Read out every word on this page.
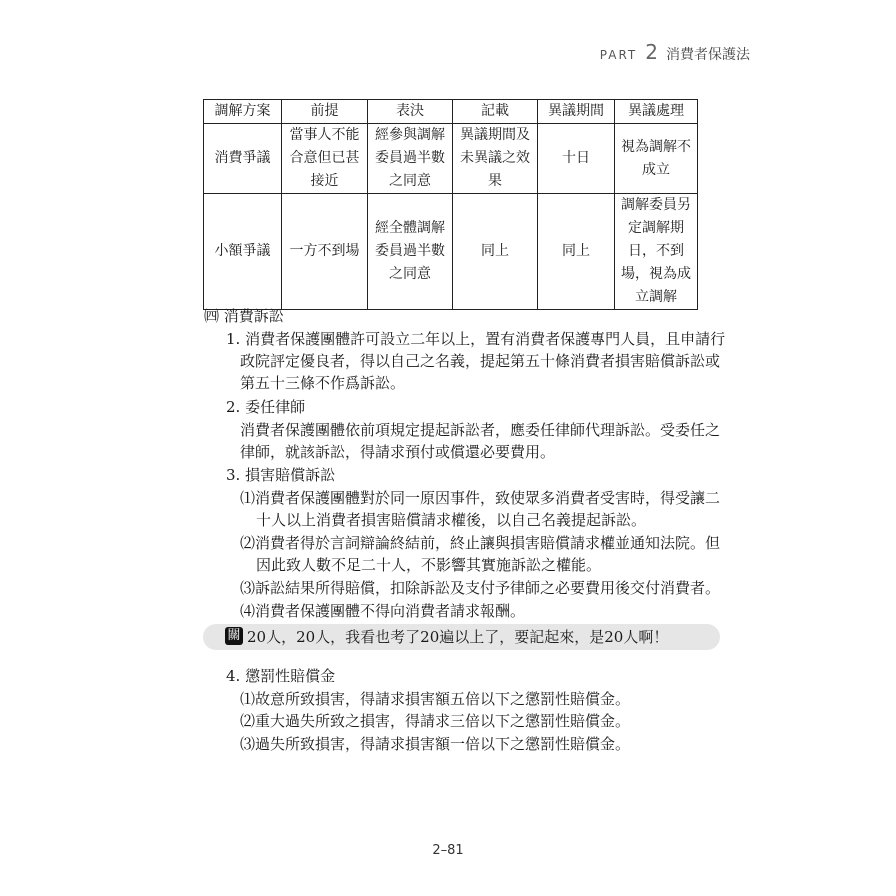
PART 2 消費者保護法
調解方案	前提	表決	記載	異議期間	異議處理
消費爭議	當事人不能合意但已甚接近	經參與調解委員過半數之同意	異議期間及未異議之效果	十日	視為調解不成立
小額爭議	一方不到場	經全體調解委員過半數之同意	同上	同上	調解委員另定調解期日，不到場，視為成立調解
㈣ 消費訴訟
1. 消費者保護團體許可設立二年以上，置有消費者保護專門人員，且申請行
政院評定優良者，得以自己之名義，提起第五十條消費者損害賠償訴訟或
第五十三條不作爲訴訟。
2. 委任律師
消費者保護團體依前項規定提起訴訟者，應委任律師代理訴訟。受委任之
律師，就該訴訟，得請求預付或償還必要費用。
3. 損害賠償訴訟
⑴消費者保護團體對於同一原因事件，致使眾多消費者受害時，得受讓二
十人以上消費者損害賠償請求權後，以自己名義提起訴訟。
⑵消費者得於言詞辯論終結前，終止讓與損害賠償請求權並通知法院。但
因此致人數不足二十人，不影響其實施訴訟之權能。
⑶訴訟結果所得賠償，扣除訴訟及支付予律師之必要費用後交付消費者。
⑷消費者保護團體不得向消費者請求報酬。
關 20人，20人，我看也考了20遍以上了，要記起來，是20人啊！
4. 懲罰性賠償金
⑴故意所致損害，得請求損害額五倍以下之懲罰性賠償金。
⑵重大過失所致之損害，得請求三倍以下之懲罰性賠償金。
⑶過失所致損害，得請求損害額一倍以下之懲罰性賠償金。
2–81
